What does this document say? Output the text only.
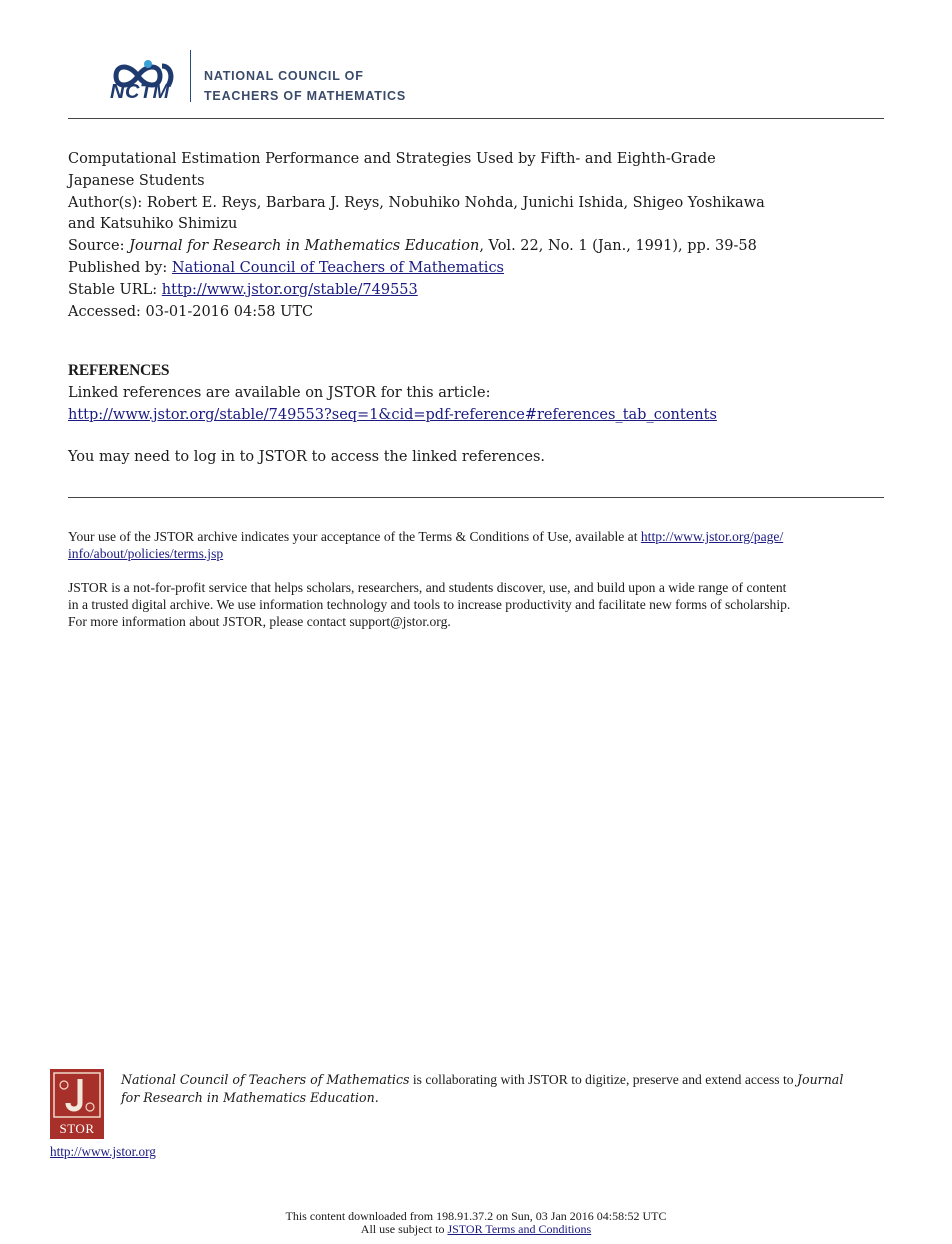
NCTM
NATIONAL COUNCIL OF
TEACHERS OF MATHEMATICS
Computational Estimation Performance and Strategies Used by Fifth- and Eighth-Grade
Japanese Students
Author(s): Robert E. Reys, Barbara J. Reys, Nobuhiko Nohda, Junichi Ishida, Shigeo Yoshikawa
and Katsuhiko Shimizu
Source: Journal for Research in Mathematics Education, Vol. 22, No. 1 (Jan., 1991), pp. 39-58
Published by: National Council of Teachers of Mathematics
Stable URL: http://www.jstor.org/stable/749553
Accessed: 03-01-2016 04:58 UTC
REFERENCES
Linked references are available on JSTOR for this article:
http://www.jstor.org/stable/749553?seq=1&cid=pdf-reference#references_tab_contents
You may need to log in to JSTOR to access the linked references.
Your use of the JSTOR archive indicates your acceptance of the Terms & Conditions of Use, available at http://www.jstor.org/page/
info/about/policies/terms.jsp
JSTOR is a not-for-profit service that helps scholars, researchers, and students discover, use, and build upon a wide range of content
in a trusted digital archive. We use information technology and tools to increase productivity and facilitate new forms of scholarship.
For more information about JSTOR, please contact support@jstor.org.
STOR
National Council of Teachers of Mathematics is collaborating with JSTOR to digitize, preserve and extend access to Journal
for Research in Mathematics Education.
http://www.jstor.org
This content downloaded from 198.91.37.2 on Sun, 03 Jan 2016 04:58:52 UTC
All use subject to JSTOR Terms and Conditions
